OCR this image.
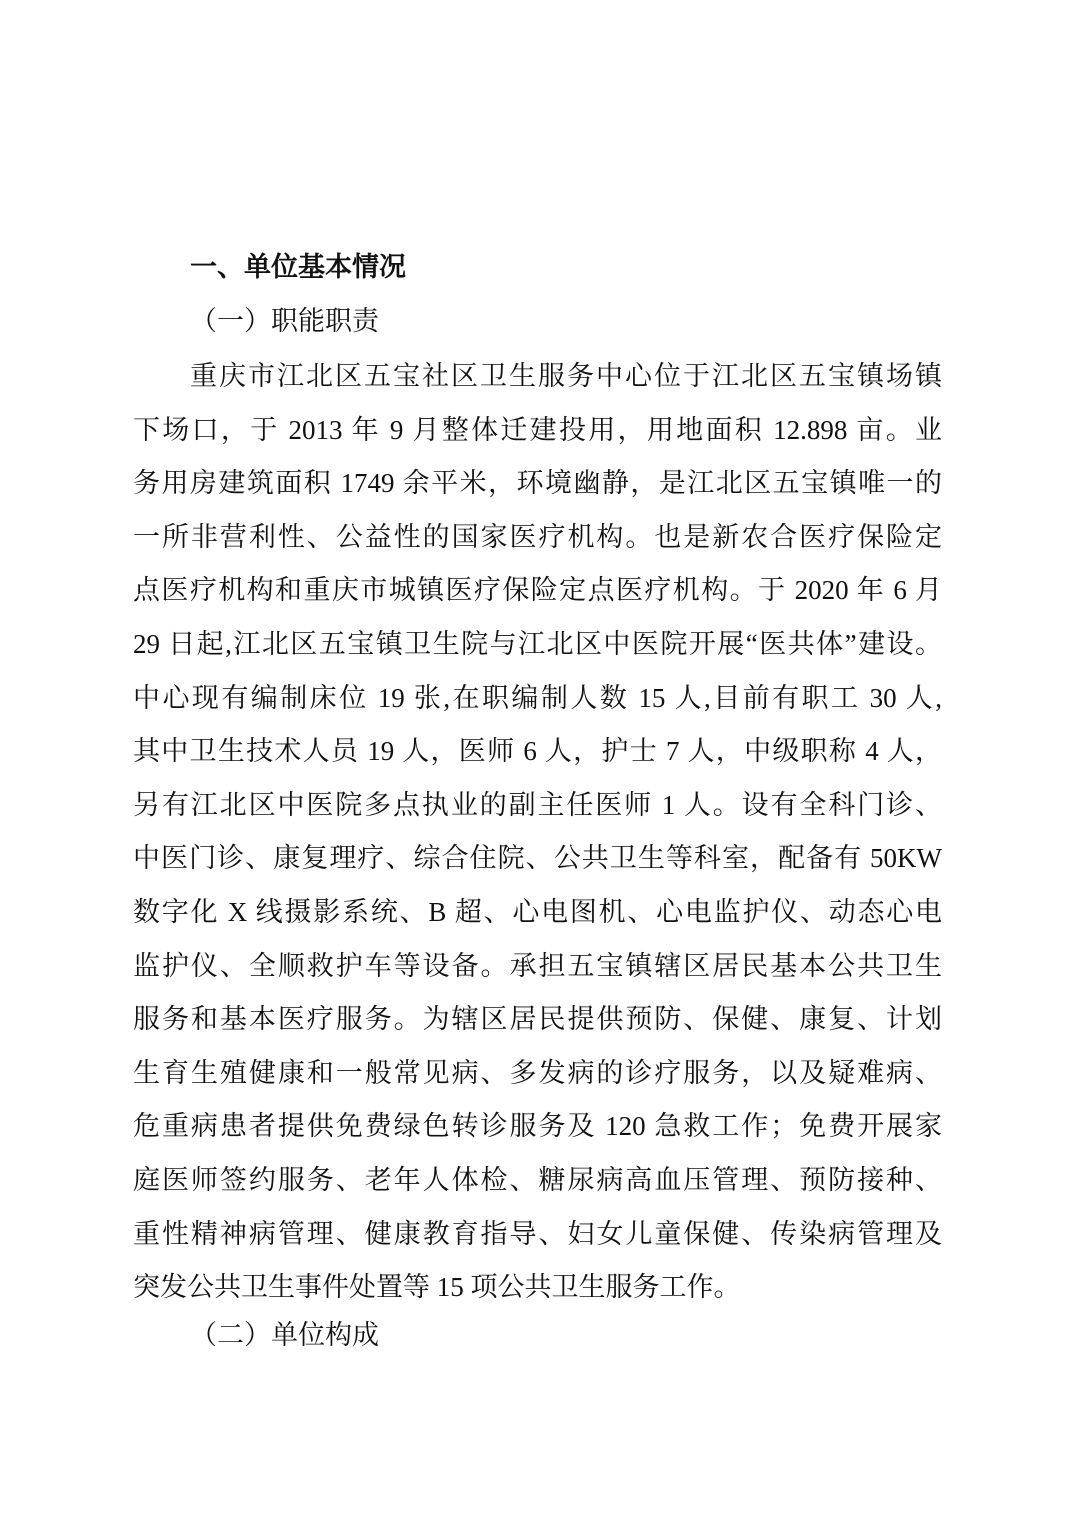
一、单位基本情况
（一）职能职责
重庆市江北区五宝社区卫生服务中心位于江北区五宝镇场镇
下场口，于 2013 年 9 月整体迁建投用，用地面积 12.898 亩。业
务用房建筑面积 1749 余平米，环境幽静，是江北区五宝镇唯一的
一所非营利性、公益性的国家医疗机构。也是新农合医疗保险定
点医疗机构和重庆市城镇医疗保险定点医疗机构。于 2020 年 6 月
29 日起,江北区五宝镇卫生院与江北区中医院开展“医共体”建设。
中心现有编制床位 19 张,在职编制人数 15 人,目前有职工 30 人,
其中卫生技术人员 19 人，医师 6 人，护士 7 人，中级职称 4 人，
另有江北区中医院多点执业的副主任医师 1 人。设有全科门诊、
中医门诊、康复理疗、综合住院、公共卫生等科室，配备有 50KW
数字化 X 线摄影系统、B 超、心电图机、心电监护仪、动态心电
监护仪、全顺救护车等设备。承担五宝镇辖区居民基本公共卫生
服务和基本医疗服务。为辖区居民提供预防、保健、康复、计划
生育生殖健康和一般常见病、多发病的诊疗服务，以及疑难病、
危重病患者提供免费绿色转诊服务及 120 急救工作；免费开展家
庭医师签约服务、老年人体检、糖尿病高血压管理、预防接种、
重性精神病管理、健康教育指导、妇女儿童保健、传染病管理及
突发公共卫生事件处置等 15 项公共卫生服务工作。
（二）单位构成
